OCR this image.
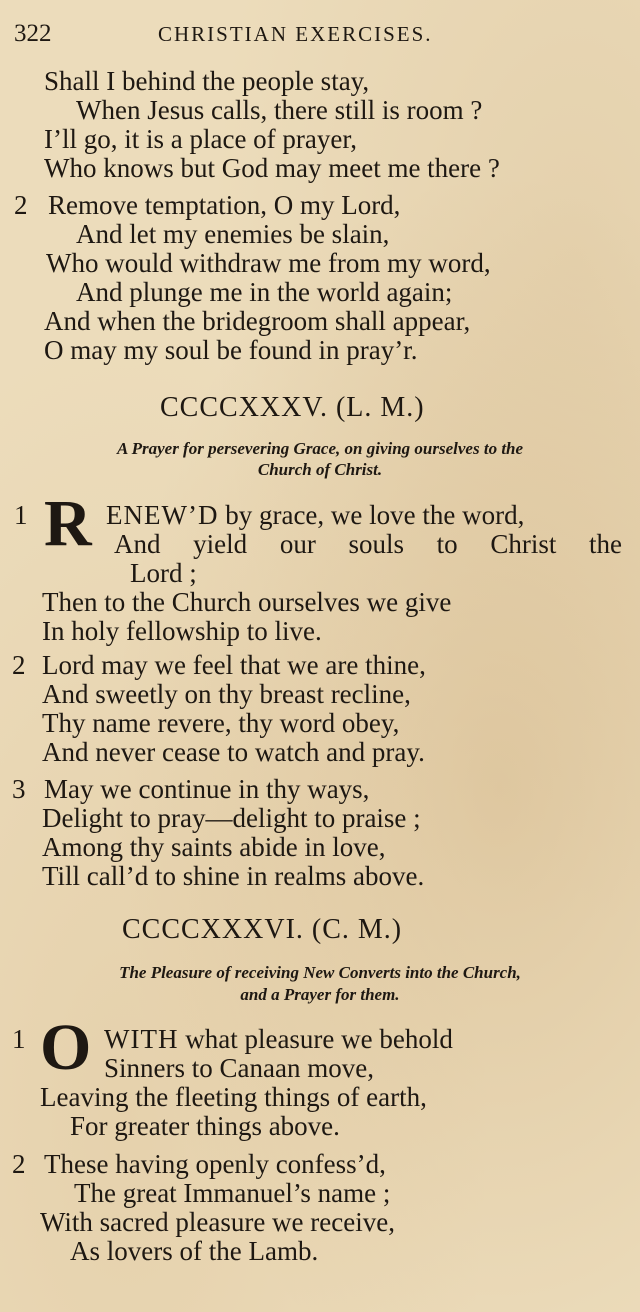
322	CHRISTIAN EXERCISES.
Shall I behind the people stay,
When Jesus calls, there still is room ?
I’ll go, it is a place of prayer,
Who knows but God may meet me there ?
2 Remove temptation, O my Lord,
And let my enemies be slain,
Who would withdraw me from my word,
And plunge me in the world again;
And when the bridegroom shall appear,
O may my soul be found in pray’r.
CCCCXXXV. (L. M.)
A Prayer for persevering Grace, on giving ourselves to the
Church of Christ.
1 R ENEW’D by grace, we love the word,
And yield our souls to Christ the
Lord ;
Then to the Church ourselves we give
In holy fellowship to live.
2 Lord may we feel that we are thine,
And sweetly on thy breast recline,
Thy name revere, thy word obey,
And never cease to watch and pray.
3 May we continue in thy ways,
Delight to pray—delight to praise ;
Among thy saints abide in love,
Till call’d to shine in realms above.
CCCCXXXVI. (C. M.)
The Pleasure of receiving New Converts into the Church,
and a Prayer for them.
1 O WITH what pleasure we behold
Sinners to Canaan move,
Leaving the fleeting things of earth,
For greater things above.
2 These having openly confess’d,
The great Immanuel’s name ;
With sacred pleasure we receive,
As lovers of the Lamb.
